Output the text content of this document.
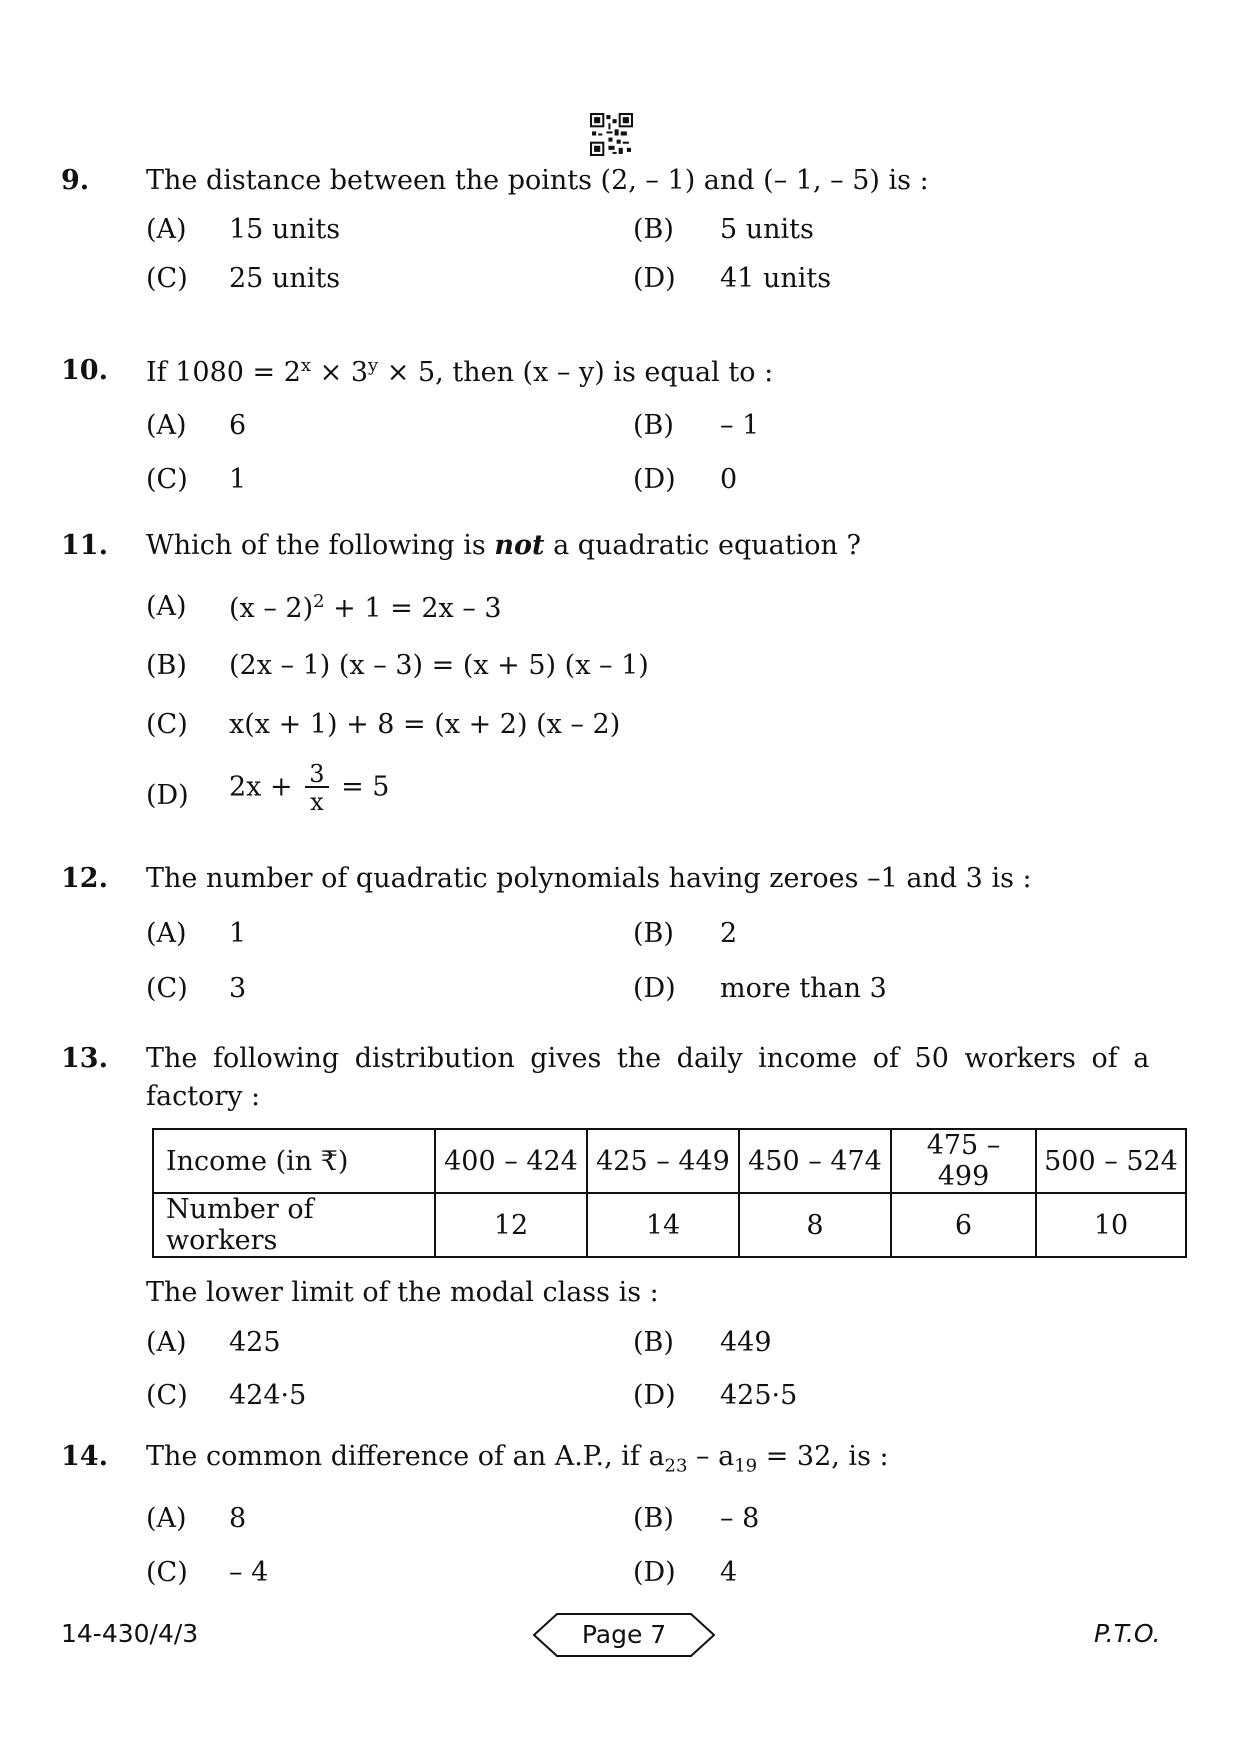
9. The distance between the points (2, – 1) and (– 1, – 5) is :
(A) 15 units	(B) 5 units
(C) 25 units	(D) 41 units
10. If $1080 = 2^x \times 3^y \times 5$, then (x – y) is equal to :
(A) 6	(B) – 1
(C) 1	(D) 0
11. Which of the following is not a quadratic equation ?
(A) (x – 2)$^2$ + 1 = 2x – 3
(B) (2x – 1) (x – 3) = (x + 5) (x – 1)
(C) x(x + 1) + 8 = (x + 2) (x – 2)
(D) $2x + \frac{3}{x} = 5$
12. The number of quadratic polynomials having zeroes –1 and 3 is :
(A) 1	(B) 2
(C) 3	(D) more than 3
13. The following distribution gives the daily income of 50 workers of a
factory :
Income (in ₹)	400 – 424	425 – 449	450 – 474	475 – 499	500 – 524
Number of workers	12	14	8	6	10
The lower limit of the modal class is :
(A) 425	(B) 449
(C) 424·5	(D) 425·5
14. The common difference of an A.P., if $a_{23} - a_{19} = 32$, is :
(A) 8	(B) – 8
(C) – 4	(D) 4
14-430/4/3	Page 7	P.T.O.
